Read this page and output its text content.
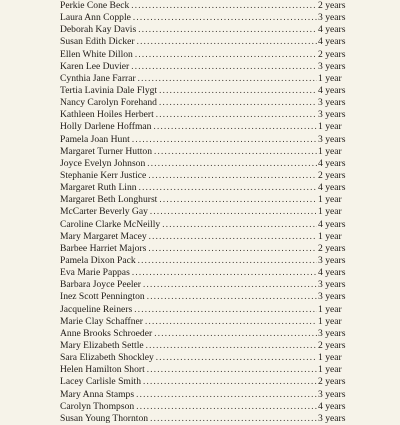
Perkie Cone Beck . . .	2 years
Laura Ann Copple . . .	3 years
Deborah Kay Davis . . .	4 years
Susan Edith Dicker . . .	4 years
Ellen White Dillon . . .	2 years
Karen Lee Duvier . . .	3 years
Cynthia Jane Farrar . . .	1 year
Tertia Lavinia Dale Flygt . . .	4 years
Nancy Carolyn Forehand . . .	3 years
Kathleen Hoiles Herbert . . .	3 years
Holly Darlene Hoffman . . .	1 year
Pamela Joan Hunt . . .	3 years
Margaret Turner Hutton . . .	1 year
Joyce Evelyn Johnson . . .	4 years
Stephanie Kerr Justice . . .	2 years
Margaret Ruth Linn . . .	4 years
Margaret Beth Longhurst . . .	1 year
McCarter Beverly Gay . . .	1 year
Caroline Clarke McNeilly . . .	4 years
Mary Margaret Macey . . .	1 year
Barbee Harriet Majors . . .	2 years
Pamela Dixon Pack . . .	3 years
Eva Marie Pappas . . .	4 years
Barbara Joyce Peeler . . .	3 years
Inez Scott Pennington . . .	3 years
Jacqueline Reiners . . .	1 year
Marie Clay Schaffner . . .	1 year
Anne Brooks Schroeder . . .	3 years
Mary Elizabeth Settle . . .	2 years
Sara Elizabeth Shockley . . .	1 year
Helen Hamilton Short . . .	1 year
Lacey Carlisle Smith . . .	2 years
Mary Anna Stamps . . .	3 years
Carolyn Thompson . . .	4 years
Susan Young Thornton . . .	3 years
